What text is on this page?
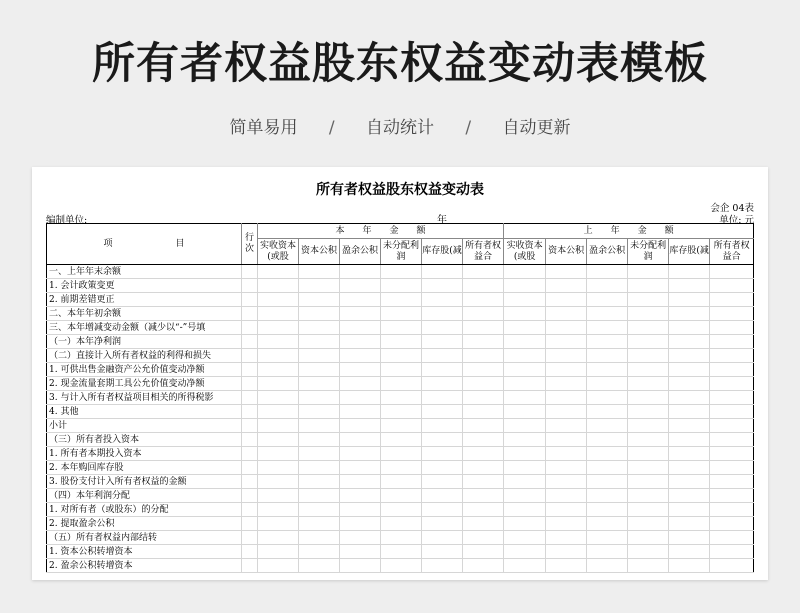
所有者权益股东权益变动表模板
简单易用 / 自动统计 / 自动更新
所有者权益股东权益变动表
会企 04表
编制单位:	年	单位: 元
项　　　　　　　目	行次	本　　年　　金　　额						上　　年　　金　　额					
		实收资本(或股	资本公积	盈余公积	未分配利润	库存股(减	所有者权益合	实收资本(或股	资本公积	盈余公积	未分配利润	库存股(减	所有者权益合
一、上年年末余额													
1. 会计政策变更													
2. 前期差错更正													
二、本年年初余额													
三、本年增减变动金额（减少以“-”号填													
（一）本年净利润													
（二）直接计入所有者权益的利得和损失													
1. 可供出售金融资产公允价值变动净额													
2. 现金流量套期工具公允价值变动净额													
3. 与计入所有者权益项目相关的所得税影													
4. 其他													
小计													
（三）所有者投入资本													
1. 所有者本期投入资本													
2. 本年购回库存股													
3. 股份支付计入所有者权益的金额													
（四）本年利润分配													
1. 对所有者（或股东）的分配													
2. 提取盈余公积													
（五）所有者权益内部结转													
1. 资本公积转增资本													
2. 盈余公积转增资本													
